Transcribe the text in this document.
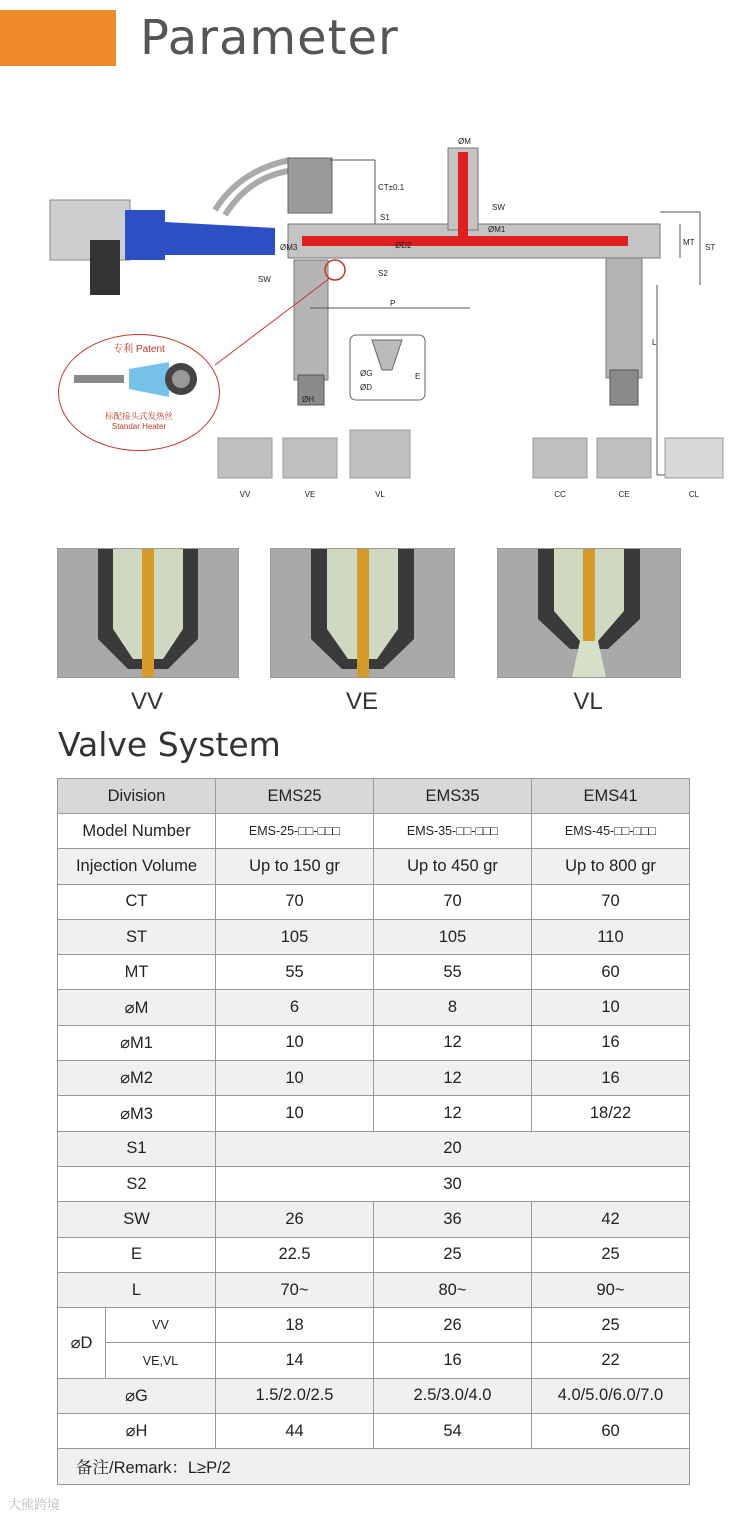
Parameter
ØM
SW
ØM1
ØM3
SW
S1
S2
CT±0.1
MT
ST
P
L
ØD2
ØH
ØG
ØD
E
VV	VE	VL	CC	CE	CL
专利 Patent
标配接头式发热丝
Standar Heater
VV	VE	VL
Valve System
Division		EMS25	EMS35	EMS41
Model Number		EMS-25-□□-□□□	EMS-35-□□-□□□	EMS-45-□□-□□□
Injection Volume		Up to 150 gr	Up to 450 gr	Up to 800 gr
CT		70	70	70
ST		105	105	110
MT		55	55	60
⌀M		6	8	10
⌀M1		10	12	16
⌀M2		10	12	16
⌀M3		10	12	18/22
S1		20		
S2		30		
SW		26	36	42
E		22.5	25	25
L		70~	80~	90~
⌀D	VV	18	26	25
	VE,VL	14	16	22
⌀G		1.5/2.0/2.5	2.5/3.0/4.0	4.0/5.0/6.0/7.0
⌀H		44	54	60
备注/Remark：L≥P/2				
大熊跨境
